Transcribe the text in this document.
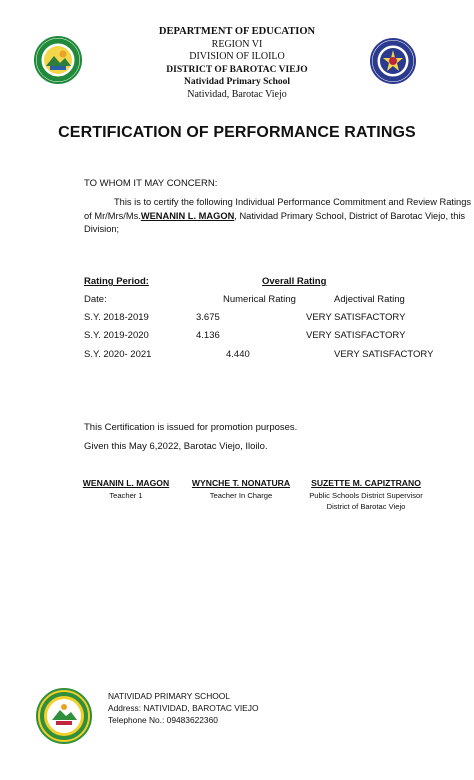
DEPARTMENT OF EDUCATION
REGION VI
DIVISION OF ILOILO
DISTRICT OF BAROTAC VIEJO
Natividad Primary School
Natividad, Barotac Viejo
CERTIFICATION OF PERFORMANCE RATINGS
TO WHOM IT MAY CONCERN:
This is to certify the following Individual Performance Commitment and Review Ratings
of Mr/Mrs/Ms.WENANIN L. MAGON, Natividad Primary School, District of Barotac Viejo, this
Division;
Rating Period:	Overall Rating
Date:	Numerical Rating	Adjectival Rating
S.Y. 2018-2019	3.675	VERY SATISFACTORY
S.Y. 2019-2020	4.136	VERY SATISFACTORY
S.Y. 2020- 2021	4.440	VERY SATISFACTORY
This Certification is issued for promotion purposes.
Given this May 6,2022, Barotac Viejo, Iloilo.
WENANIN L. MAGON
Teacher 1
WYNCHE T. NONATURA
Teacher In Charge
SUZETTE M. CAPIZTRANO
Public Schools District Supervisor
District of Barotac Viejo
NATIVIDAD PRIMARY SCHOOL
Address: NATIVIDAD, BAROTAC VIEJO
Telephone No.: 09483622360
